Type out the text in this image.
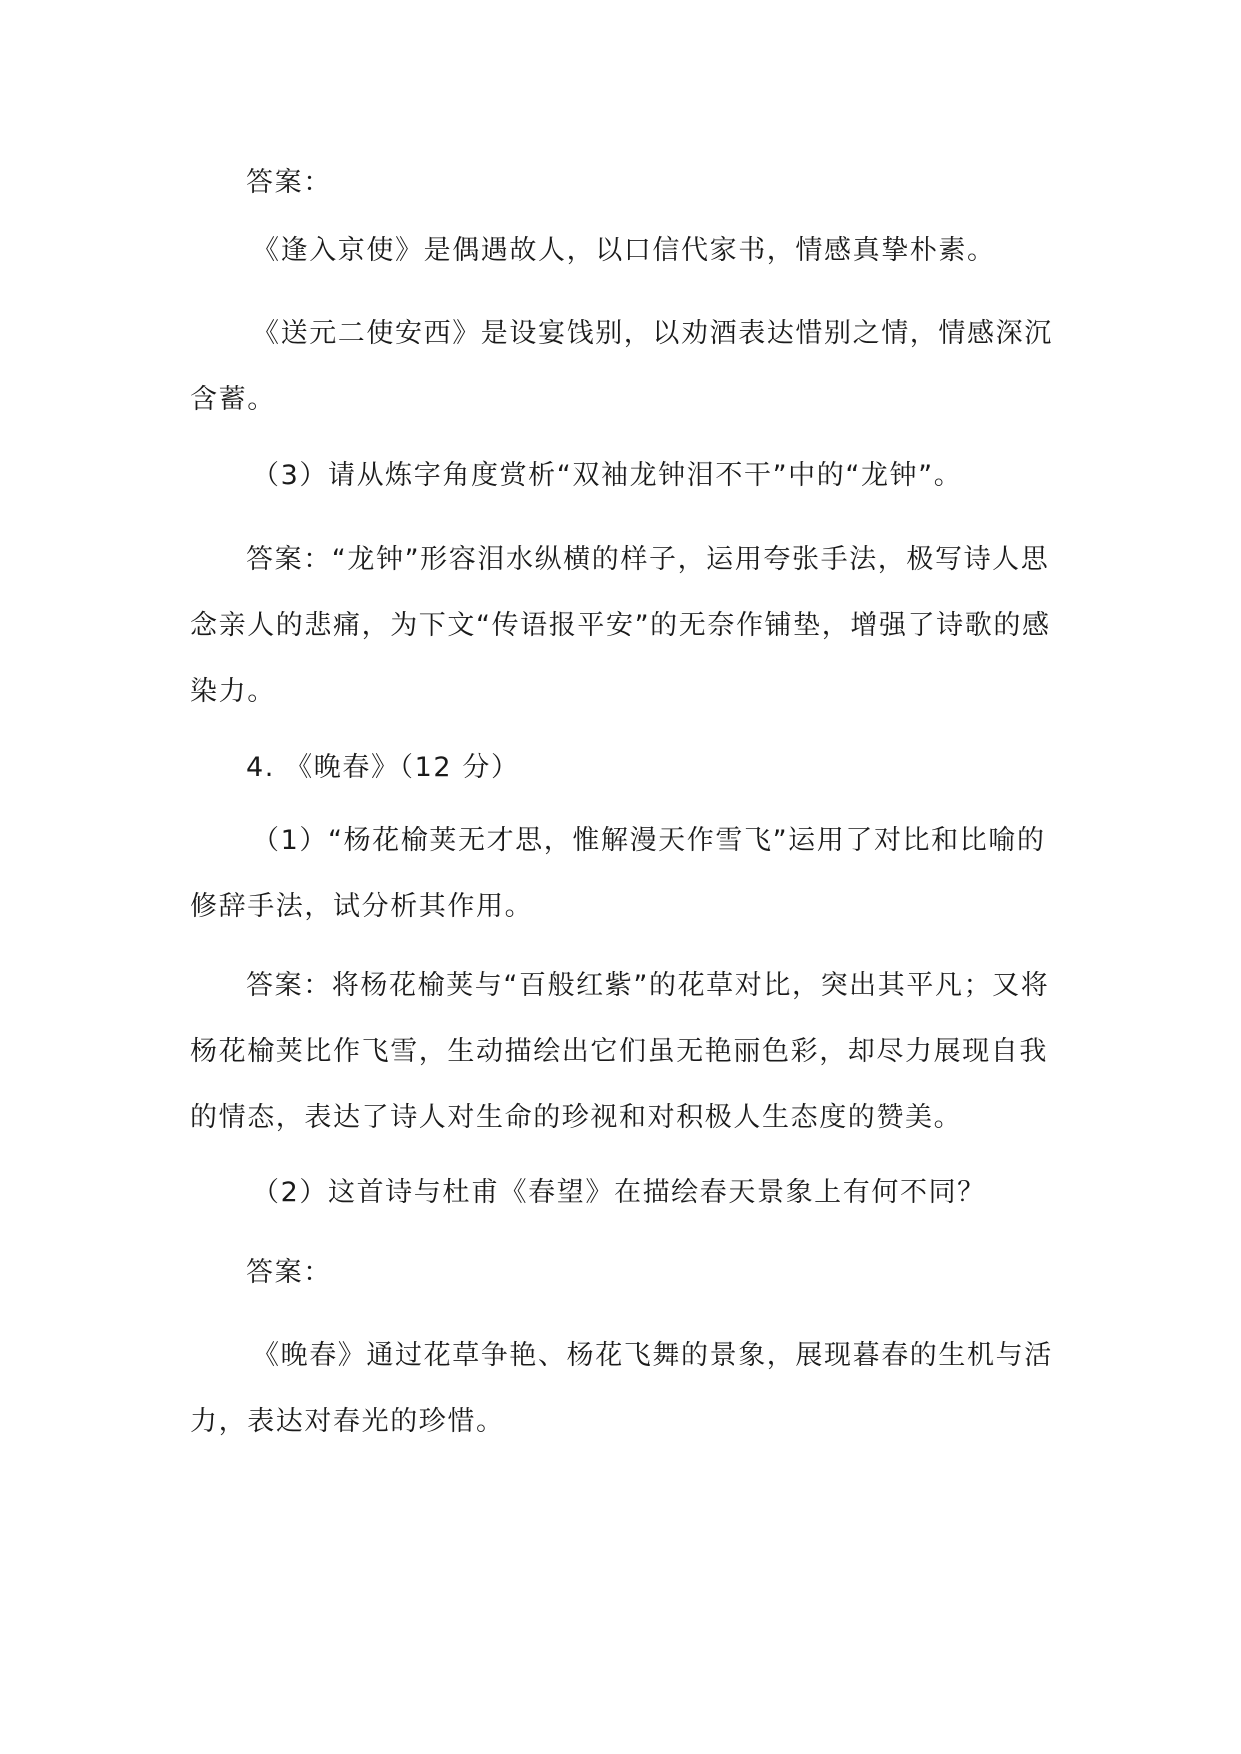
答案：

《逢入京使》是偶遇故人，以口信代家书，情感真挚朴素。

《送元二使安西》是设宴饯别，以劝酒表达惜别之情，情感深沉含蓄。

（3）请从炼字角度赏析“双袖龙钟泪不干”中的“龙钟”。

答案：“龙钟”形容泪水纵横的样子，运用夸张手法，极写诗人思念亲人的悲痛，为下文“传语报平安”的无奈作铺垫，增强了诗歌的感染力。

4. 《晚春》（12 分）

（1）“杨花榆荚无才思，惟解漫天作雪飞”运用了对比和比喻的修辞手法，试分析其作用。

答案：将杨花榆荚与“百般红紫”的花草对比，突出其平凡；又将杨花榆荚比作飞雪，生动描绘出它们虽无艳丽色彩，却尽力展现自我的情态，表达了诗人对生命的珍视和对积极人生态度的赞美。

（2）这首诗与杜甫《春望》在描绘春天景象上有何不同？

答案：

《晚春》通过花草争艳、杨花飞舞的景象，展现暮春的生机与活力，表达对春光的珍惜。
